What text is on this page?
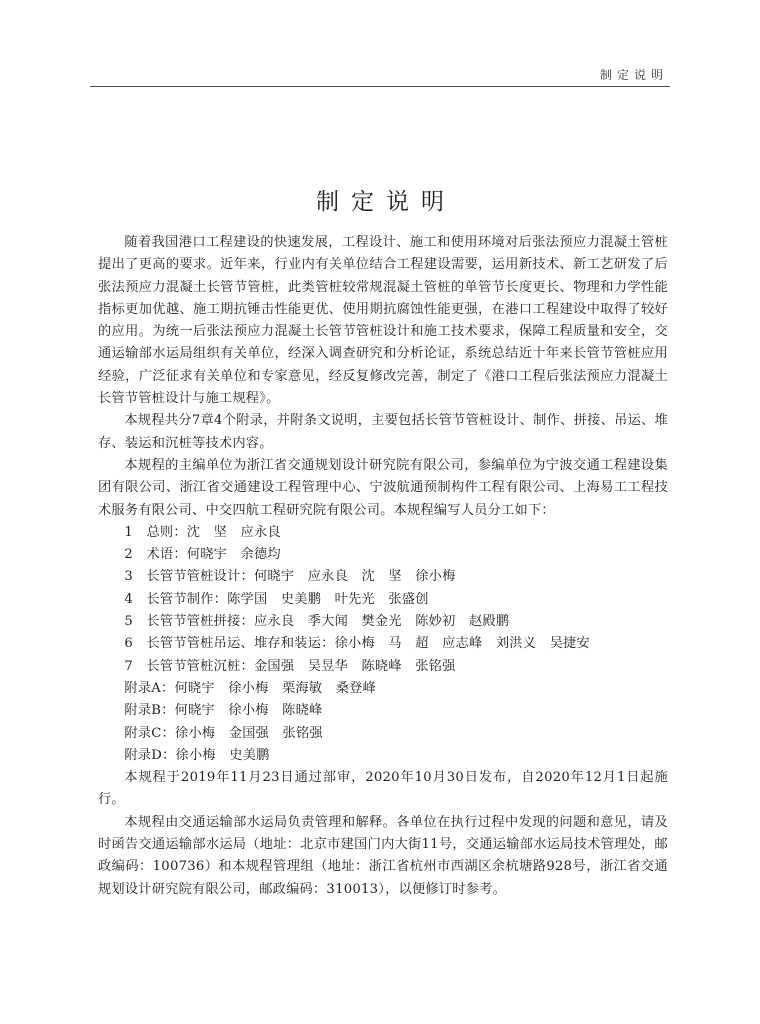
制定说明
制定说明

随着我国港口工程建设的快速发展，工程设计、施工和使用环境对后张法预应力混凝土管桩提出了更高的要求。近年来，行业内有关单位结合工程建设需要，运用新技术、新工艺研发了后张法预应力混凝土长管节管桩，此类管桩较常规混凝土管桩的单管节长度更长、物理和力学性能指标更加优越、施工期抗锤击性能更优、使用期抗腐蚀性能更强，在港口工程建设中取得了较好的应用。为统一后张法预应力混凝土长管节管桩设计和施工技术要求，保障工程质量和安全，交通运输部水运局组织有关单位，经深入调查研究和分析论证，系统总结近十年来长管节管桩应用经验，广泛征求有关单位和专家意见，经反复修改完善，制定了《港口工程后张法预应力混凝土长管节管桩设计与施工规程》。

本规程共分7章4个附录，并附条文说明，主要包括长管节管桩设计、制作、拼接、吊运、堆存、装运和沉桩等技术内容。

本规程的主编单位为浙江省交通规划设计研究院有限公司，参编单位为宁波交通工程建设集团有限公司、浙江省交通建设工程管理中心、宁波航通预制构件工程有限公司、上海易工工程技术服务有限公司、中交四航工程研究院有限公司。本规程编写人员分工如下：

1　总则：沈　坚　应永良
2　术语：何晓宇　余德均
3　长管节管桩设计：何晓宇　应永良　沈　坚　徐小梅
4　长管节制作：陈学国　史美鹏　叶先光　张盛创
5　长管节管桩拼接：应永良　季大闻　樊金光　陈妙初　赵殿鹏
6　长管节管桩吊运、堆存和装运：徐小梅　马　超　应志峰　刘洪义　吴捷安
7　长管节管桩沉桩：金国强　吴昱华　陈晓峰　张铭强
附录A：何晓宇　徐小梅　栗海敏　桑登峰
附录B：何晓宇　徐小梅　陈晓峰
附录C：徐小梅　金国强　张铭强
附录D：徐小梅　史美鹏

本规程于2019年11月23日通过部审，2020年10月30日发布，自2020年12月1日起施行。

本规程由交通运输部水运局负责管理和解释。各单位在执行过程中发现的问题和意见，请及时函告交通运输部水运局（地址：北京市建国门内大街11号，交通运输部水运局技术管理处，邮政编码：100736）和本规程管理组（地址：浙江省杭州市西湖区余杭塘路928号，浙江省交通规划设计研究院有限公司，邮政编码：310013），以便修订时参考。
